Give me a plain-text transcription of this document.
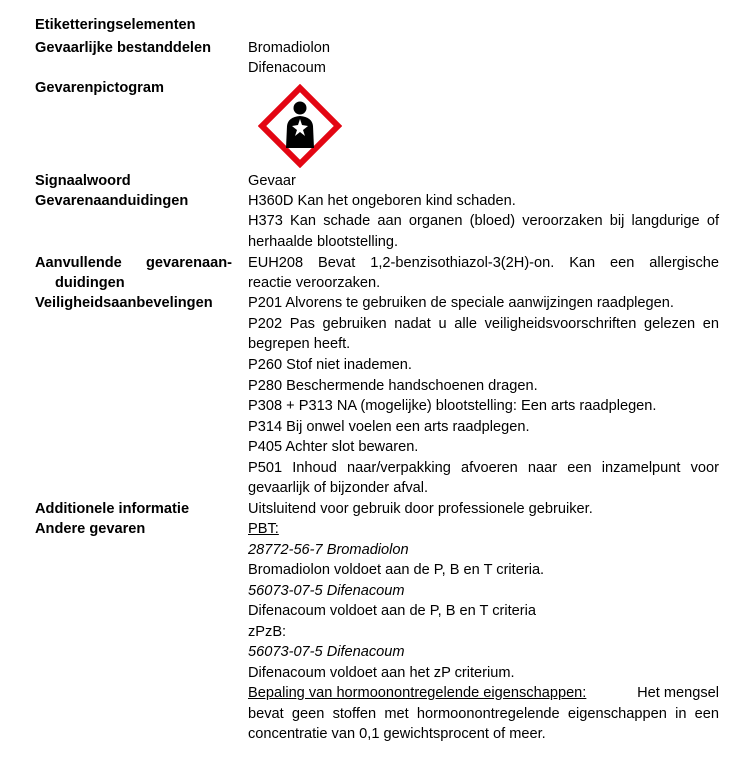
Etiketteringselementen
Gevaarlijke bestanddelen
Gevarenpictogram
Signaalwoord
Gevarenaanduidingen
Aanvullende gevarenaan-
duidingen
Veiligheidsaanbevelingen
Additionele informatie
Andere gevaren
Bromadiolon
Difenacoum
Gevaar
H360D Kan het ongeboren kind schaden.
H373 Kan schade aan organen (bloed) veroorzaken bij langdurige of
herhaalde blootstelling.
EUH208 Bevat 1,2-benzisothiazol-3(2H)-on. Kan een allergische
reactie veroorzaken.
P201 Alvorens te gebruiken de speciale aanwijzingen raadplegen.
P202 Pas gebruiken nadat u alle veiligheidsvoorschriften gelezen en
begrepen heeft.
P260 Stof niet inademen.
P280 Beschermende handschoenen dragen.
P308 + P313 NA (mogelijke) blootstelling: Een arts raadplegen.
P314 Bij onwel voelen een arts raadplegen.
P405 Achter slot bewaren.
P501 Inhoud naar/verpakking afvoeren naar een inzamelpunt voor
gevaarlijk of bijzonder afval.
Uitsluitend voor gebruik door professionele gebruiker.
PBT:
28772-56-7 Bromadiolon
Bromadiolon voldoet aan de P, B en T criteria.
56073-07-5 Difenacoum
Difenacoum voldoet aan de P, B en T criteria
zPzB:
56073-07-5 Difenacoum
Difenacoum voldoet aan het zP criterium.
Bepaling van hormoonontregelende eigenschappen:	Het mengsel
bevat geen stoffen met hormoonontregelende eigenschappen in een
concentratie van 0,1 gewichtsprocent of meer.
